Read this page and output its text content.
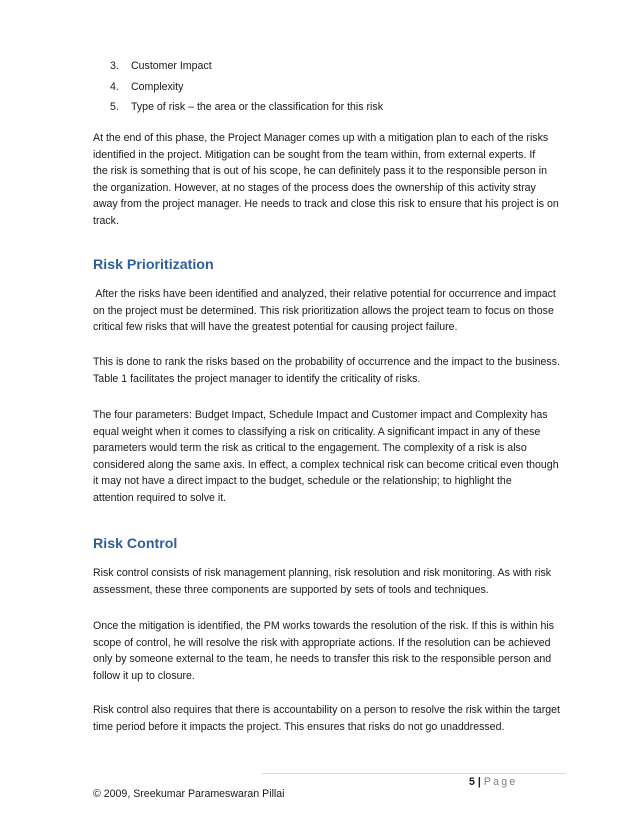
3.	Customer Impact
4.	Complexity
5.	Type of risk – the area or the classification for this risk
At the end of this phase, the Project Manager comes up with a mitigation plan to each of the risks
identified in the project. Mitigation can be sought from the team within, from external experts. If
the risk is something that is out of his scope, he can definitely pass it to the responsible person in
the organization. However, at no stages of the process does the ownership of this activity stray
away from the project manager. He needs to track and close this risk to ensure that his project is on
track.
Risk Prioritization
After the risks have been identified and analyzed, their relative potential for occurrence and impact
on the project must be determined. This risk prioritization allows the project team to focus on those
critical few risks that will have the greatest potential for causing project failure.
This is done to rank the risks based on the probability of occurrence and the impact to the business.
Table 1 facilitates the project manager to identify the criticality of risks.
The four parameters: Budget Impact, Schedule Impact and Customer impact and Complexity has
equal weight when it comes to classifying a risk on criticality. A significant impact in any of these
parameters would term the risk as critical to the engagement. The complexity of a risk is also
considered along the same axis. In effect, a complex technical risk can become critical even though
it may not have a direct impact to the budget, schedule or the relationship; to highlight the
attention required to solve it.
Risk Control
Risk control consists of risk management planning, risk resolution and risk monitoring. As with risk
assessment, these three components are supported by sets of tools and techniques.
Once the mitigation is identified, the PM works towards the resolution of the risk. If this is within his
scope of control, he will resolve the risk with appropriate actions. If the resolution can be achieved
only by someone external to the team, he needs to transfer this risk to the responsible person and
follow it up to closure.
Risk control also requires that there is accountability on a person to resolve the risk within the target
time period before it impacts the project. This ensures that risks do not go unaddressed.
5 | Page
© 2009, Sreekumar Parameswaran Pillai
